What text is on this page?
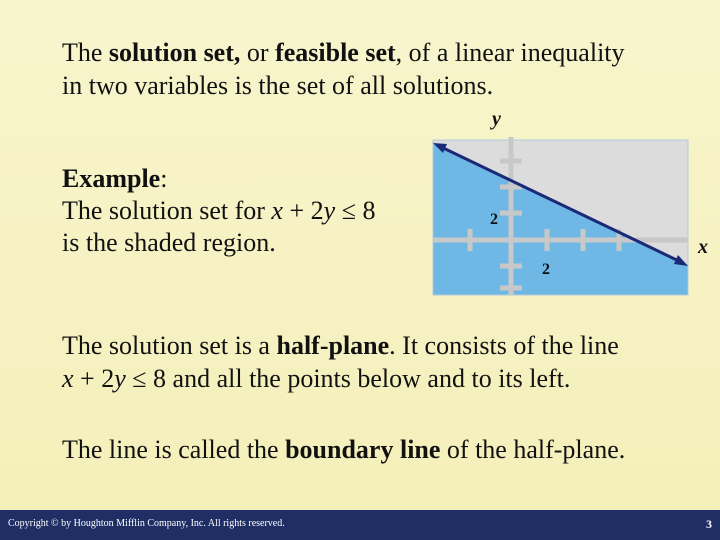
The solution set, or feasible set, of a linear inequality
in two variables is the set of all solutions.
Example:
The solution set for x + 2y ≤ 8
is the shaded region.
y
x
2
2
The solution set is a half-plane. It consists of the line
x + 2y ≤ 8 and all the points below and to its left.
The line is called the boundary line of the half-plane.
Copyright © by Houghton Mifflin Company, Inc. All rights reserved.	3
